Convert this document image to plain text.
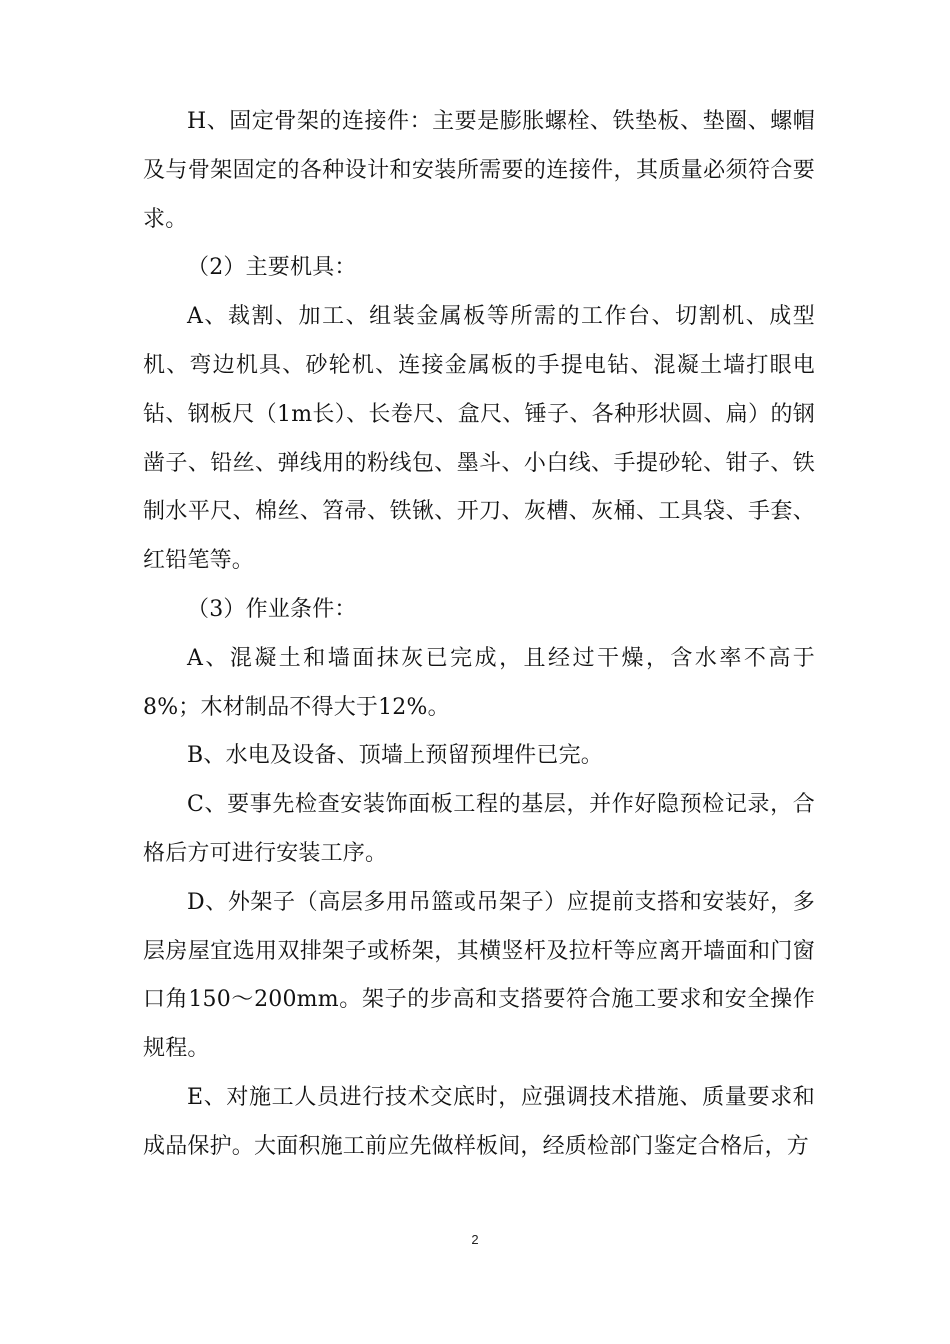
H、固定骨架的连接件：主要是膨胀螺栓、铁垫板、垫圈、螺帽及与骨架固定的各种设计和安装所需要的连接件，其质量必须符合要求。

（2）主要机具：

A、裁割、加工、组装金属板等所需的工作台、切割机、成型机、弯边机具、砂轮机、连接金属板的手提电钻、混凝土墙打眼电钻、钢板尺（1m长）、长卷尺、盒尺、锤子、各种形状圆、扁）的钢凿子、铅丝、弹线用的粉线包、墨斗、小白线、手提砂轮、钳子、铁制水平尺、棉丝、笤帚、铁锹、开刀、灰槽、灰桶、工具袋、手套、红铅笔等。

（3）作业条件：

A、混凝土和墙面抹灰已完成，且经过干燥，含水率不高于8%；木材制品不得大于12%。

B、水电及设备、顶墙上预留预埋件已完。

C、要事先检查安装饰面板工程的基层，并作好隐预检记录，合格后方可进行安装工序。

D、外架子（高层多用吊篮或吊架子）应提前支搭和安装好，多层房屋宜选用双排架子或桥架，其横竖杆及拉杆等应离开墙面和门窗口角150～200mm。架子的步高和支搭要符合施工要求和安全操作规程。

E、对施工人员进行技术交底时，应强调技术措施、质量要求和成品保护。大面积施工前应先做样板间，经质检部门鉴定合格后，方

2
